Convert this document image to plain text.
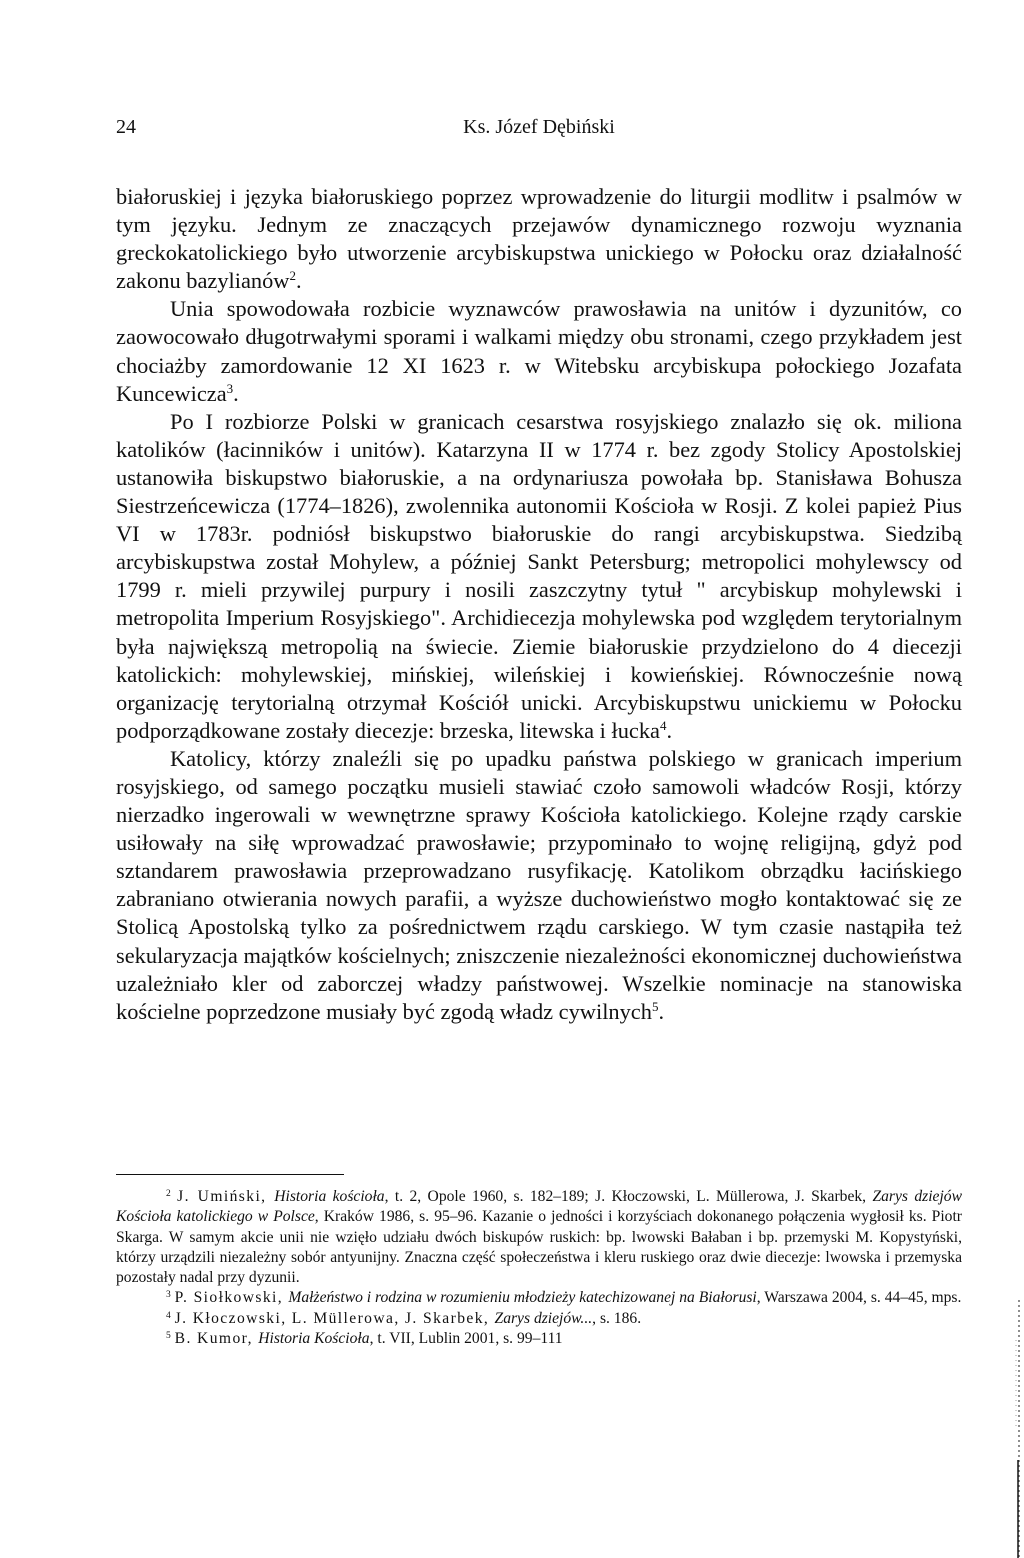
24	Ks. Józef Dębiński

białoruskiej i języka białoruskiego poprzez wprowadzenie do liturgii modlitw i psalmów w tym języku. Jednym ze znaczących przejawów dynamicznego rozwoju wyznania greckokatolickiego było utworzenie arcybiskupstwa unickiego w Połocku oraz działalność zakonu bazylianów$^2$.

Unia spowodowała rozbicie wyznawców prawosławia na unitów i dyzunitów, co zaowocowało długotrwałymi sporami i walkami między obu stronami, czego przykładem jest chociażby zamordowanie 12 XI 1623 r. w Witebsku arcybiskupa połockiego Jozafata Kuncewicza$^3$.

Po I rozbiorze Polski w granicach cesarstwa rosyjskiego znalazło się ok. miliona katolików (łacinników i unitów). Katarzyna II w 1774 r. bez zgody Stolicy Apostolskiej ustanowiła biskupstwo białoruskie, a na ordynariusza powołała bp. Stanisława Bohusza Siestrzeńcewicza (1774–1826), zwolennika autonomii Kościoła w Rosji. Z kolei papież Pius VI w 1783r. podniósł biskupstwo białoruskie do rangi arcybiskupstwa. Siedzibą arcybiskupstwa został Mohylew, a później Sankt Petersburg; metropolici mohylewscy od 1799 r. mieli przywilej purpury i nosili zaszczytny tytuł " arcybiskup mohylewski i metropolita Imperium Rosyjskiego". Archidiecezja mohylewska pod względem terytorialnym była największą metropolią na świecie. Ziemie białoruskie przydzielono do 4 diecezji katolickich: mohylewskiej, mińskiej, wileńskiej i kowieńskiej. Równocześnie nową organizację terytorialną otrzymał Kościół unicki. Arcybiskupstwu unickiemu w Połocku podporządkowane zostały diecezje: brzeska, litewska i łucka$^4$.

Katolicy, którzy znaleźli się po upadku państwa polskiego w granicach imperium rosyjskiego, od samego początku musieli stawiać czoło samowoli władców Rosji, którzy nierzadko ingerowali w wewnętrzne sprawy Kościoła katolickiego. Kolejne rządy carskie usiłowały na siłę wprowadzać prawosławie; przypominało to wojnę religijną, gdyż pod sztandarem prawosławia przeprowadzano rusyfikację. Katolikom obrządku łacińskiego zabraniano otwierania nowych parafii, a wyższe duchowieństwo mogło kontaktować się ze Stolicą Apostolską tylko za pośrednictwem rządu carskiego. W tym czasie nastąpiła też sekularyzacja majątków kościelnych; zniszczenie niezależności ekonomicznej duchowieństwa uzależniało kler od zaborczej władzy państwowej. Wszelkie nominacje na stanowiska kościelne poprzedzone musiały być zgodą władz cywilnych$^5$.

$^2$ J. Umiński, Historia kościoła, t. 2, Opole 1960, s. 182–189; J. Kłoczowski, L. Müllerowa, J. Skarbek, Zarys dziejów Kościoła katolickiego w Polsce, Kraków 1986, s. 95–96. Kazanie o jedności i korzyściach dokonanego połączenia wygłosił ks. Piotr Skarga. W samym akcie unii nie wzięło udziału dwóch biskupów ruskich: bp. lwowski Bałaban i bp. przemyski M. Kopystyński, którzy urządzili niezależny sobór antyunijny. Znaczna część społeczeństwa i kleru ruskiego oraz dwie diecezje: lwowska i przemyska pozostały nadal przy dyzunii.

$^3$ P. Siołkowski, Małżeństwo i rodzina w rozumieniu młodzieży katechizowanej na Białorusi, Warszawa 2004, s. 44–45, mps.

$^4$ J. Kłoczowski, L. Müllerowa, J. Skarbek, Zarys dziejów..., s. 186.

$^5$ B. Kumor, Historia Kościoła, t. VII, Lublin 2001, s. 99–111
